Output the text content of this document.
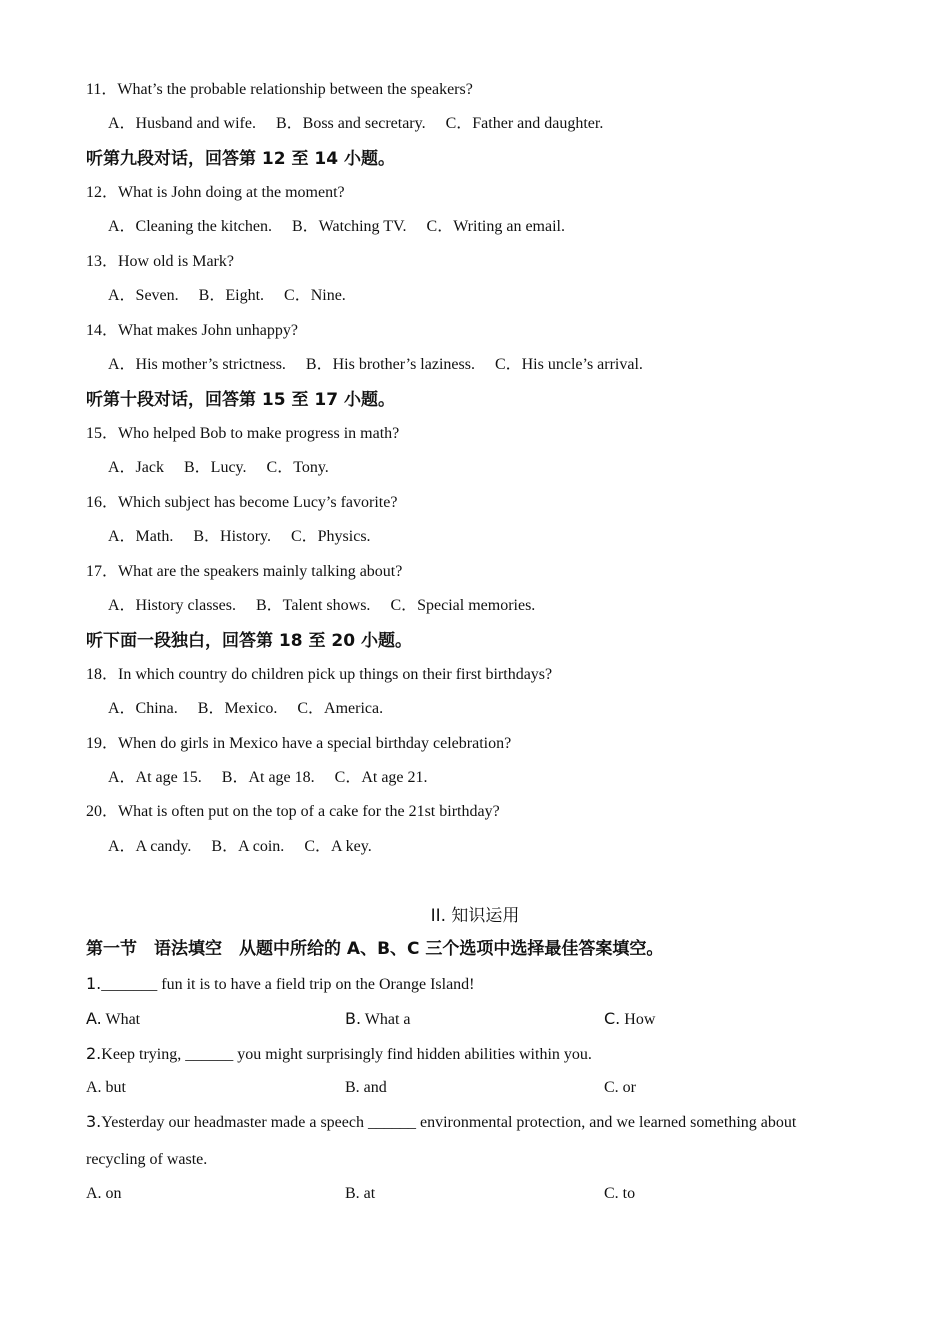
11．What’s the probable relationship between the speakers?
A．Husband and wife. B．Boss and secretary. C．Father and daughter.
听第九段对话，回答第 12 至 14 小题。
12．What is John doing at the moment?
A．Cleaning the kitchen. B．Watching TV. C．Writing an email.
13．How old is Mark?
A．Seven. B．Eight. C．Nine.
14．What makes John unhappy?
A．His mother’s strictness. B．His brother’s laziness. C．His uncle’s arrival.
听第十段对话，回答第 15 至 17 小题。
15．Who helped Bob to make progress in math?
A．Jack B．Lucy. C．Tony.
16．Which subject has become Lucy’s favorite?
A．Math. B．History. C．Physics.
17．What are the speakers mainly talking about?
A．History classes. B．Talent shows. C．Special memories.
听下面一段独白，回答第 18 至 20 小题。
18．In which country do children pick up things on their first birthdays?
A．China. B．Mexico. C．America.
19．When do girls in Mexico have a special birthday celebration?
A．At age 15. B．At age 18. C．At age 21.
20．What is often put on the top of a cake for the 21st birthday?
A．A candy. B．A coin. C．A key.
II. 知识运用
第一节　语法填空　从题中所给的 A、B、C 三个选项中选择最佳答案填空。
1._______ fun it is to have a field trip on the Orange Island!
A. What	B. What a	C. How
2.Keep trying, ______ you might surprisingly find hidden abilities within you.
A. but	B. and	C. or
3.Yesterday our headmaster made a speech ______ environmental protection, and we learned something about
recycling of waste.
A. on	B. at	C. to
